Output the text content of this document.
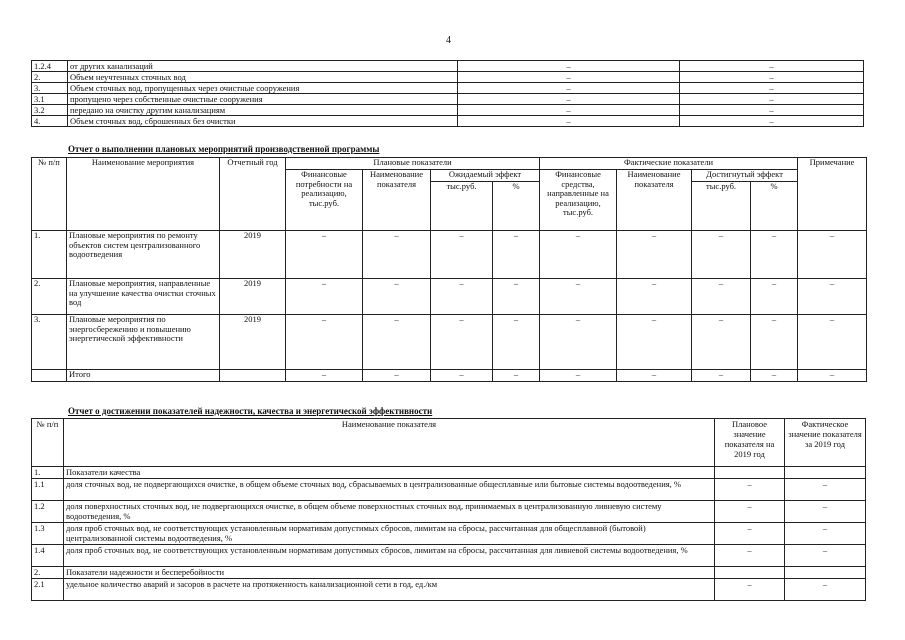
4
1.2.4	от других канализаций	–	–
2.	Объем неучтенных сточных вод	–	–
3.	Объем сточных вод, пропущенных через очистные сооружения	–	–
3.1	пропущено через собственные очистные сооружения	–	–
3.2	передано на очистку другим канализациям	–	–
4.	Объем сточных вод, сброшенных без очистки	–	–
Отчет о выполнении плановых мероприятий производственной программы
№ п/п	Наименование мероприятия	Отчетный год	Плановые показатели				Фактические показатели				Примечание
			Финансовые потребности на реализацию, тыс.руб.	Наименование показателя	Ожидаемый эффект		Финансовые средства, направленные на реализацию, тыс.руб.	Наименование показателя	Достигнутый эффект		
					тыс.руб.	%			тыс.руб.	%	
1.	Плановые мероприятия по ремонту объектов систем централизованного водоотведения	2019	–	–	–	–	–	–	–	–	–
2.	Плановые мероприятия, направленные на улучшение качества очистки сточных вод	2019	–	–	–	–	–	–	–	–	–
3.	Плановые мероприятия по энергосбережению и повышению энергетической эффективности	2019	–	–	–	–	–	–	–	–	–
	Итого		–	–	–	–	–	–	–	–	–
Отчет о достижении показателей надежности, качества и энергетической эффективности
№ п/п	Наименование показателя	Плановое значение показателя на 2019 год	Фактическое значение показателя за 2019 год
1.	Показатели качества		
1.1	доля сточных вод, не подвергающихся очистке, в общем объеме сточных вод, сбрасываемых в централизованные общесплавные или бытовые системы водоотведения, %	–	–
1.2	доля поверхностных сточных вод, не подвергающихся очистке, в общем объеме поверхностных сточных вод, принимаемых в централизованную ливневую систему водоотведения, %	–	–
1.3	доля проб сточных вод, не соответствующих установленным нормативам допустимых сбросов, лимитам на сбросы, рассчитанная для общесплавной (бытовой) централизованной системы водоотведения, %	–	–
1.4	доля проб сточных вод, не соответствующих установленным нормативам допустимых сбросов, лимитам на сбросы, рассчитанная для ливневой системы водоотведения, %	–	–
2.	Показатели надежности и бесперебойности		
2.1	удельное количество аварий и засоров в расчете на протяженность канализационной сети в год, ед./км	–	–
